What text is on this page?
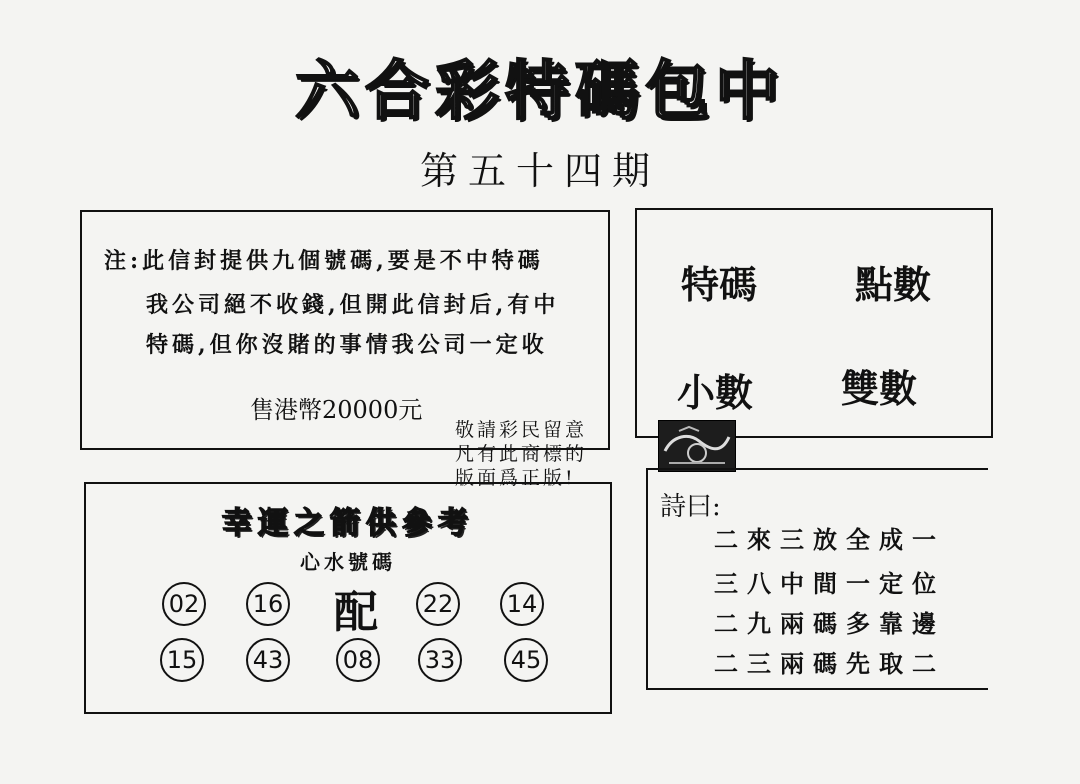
六合彩特碼包中
第五十四期
注:此信封提供九個號碼,要是不中特碼
我公司絕不收錢,但開此信封后,有中
特碼,但你沒賭的事情我公司一定收
售港幣20000元
特碼	點數
小數 雙數
敬請彩民留意
凡有此商標的
版面爲正版!
幸運之箭供參考
心水號碼
02 16 配 22 14
15 43 08 33 45
詩曰:
二來三放全成一
三八中間一定位
二九兩碼多靠邊
二三兩碼先取二
